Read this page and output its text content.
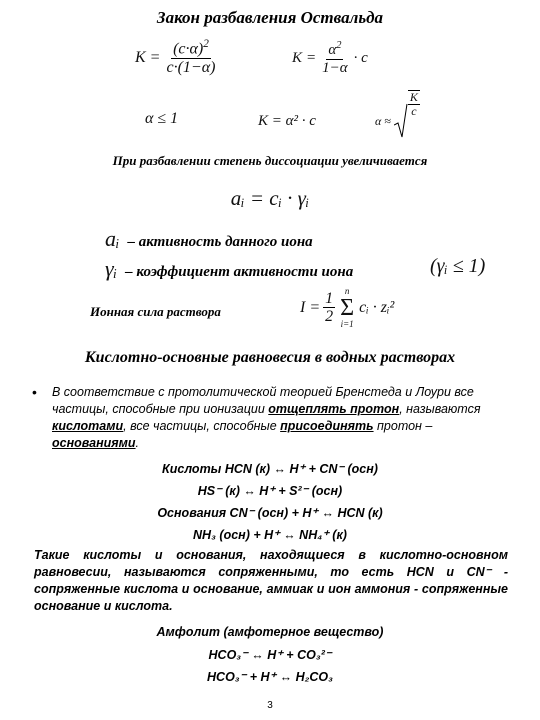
Закон разбавления Оствальда
$K = \frac{(c\cdot\alpha)^2}{c\cdot(1-\alpha)}$	$K = \frac{\alpha^2}{1-\alpha} \cdot c$
α ≤ 1	K = α² · c	α ≈
$\frac{K}{c}$
При разбавлении степень диссоциации увеличивается
aᵢ = cᵢ · γᵢ
aᵢ – активность данного иона
γᵢ – коэффициент активности иона	(γᵢ ≤ 1)
Ионная сила раствора	$I = \frac{1}{2}$ n
Σ
i=1
cᵢ · zᵢ²
Кислотно-основные равновесия в водных растворах
• В соответствие с протолитической теорией Бренстеда и Лоури все частицы, способные при ионизации отщеплять протон, называются кислотами, все частицы, способные присоединять протон – основаниями.
Кислоты HCN (к) ↔ H⁺ + CN⁻ (осн)
HS⁻ (к) ↔ H⁺ + S²⁻ (осн)
Основания CN⁻ (осн) + H⁺ ↔ HCN (к)
NH₃ (осн) + H⁺ ↔ NH₄⁺ (к)
Такие кислоты и основания, находящиеся в кислотно-основном равновесии, называются сопряженными, то есть HCN и CN⁻ - сопряженные кислота и основание, аммиак и ион аммония - сопряженные основание и кислота.
Амфолит (амфотерное вещество)
HCO₃⁻ ↔ H⁺ + CO₃²⁻
HCO₃⁻ + H⁺ ↔ H₂CO₃
3
